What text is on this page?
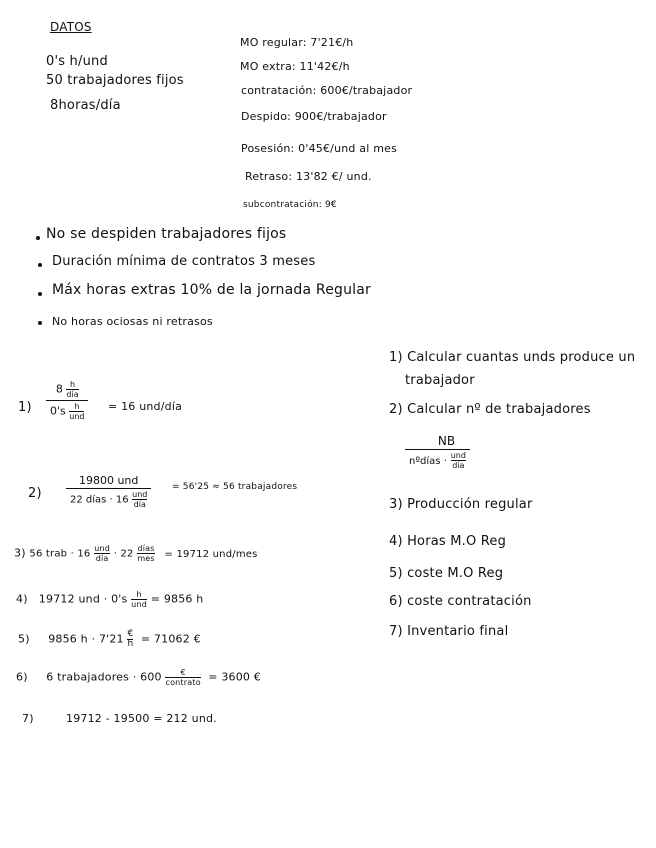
DATOS
0's h/und
50 trabajadores fijos
8horas/día
MO regular: 7'21€/h
MO extra: 11'42€/h
contratación: 600€/trabajador
Despido: 900€/trabajador
Posesión: 0'45€/und al mes
Retraso: 13'82 €/ und.
subcontratación: 9€
No se despiden trabajadores fijos
Duración mínima de contratos 3 meses
Máx horas extras 10% de la jornada Regular
No horas ociosas ni retrasos
1) Calcular cuantas unds produce un
trabajador
2) Calcular nº de trabajadores
NB
nºdías · $\frac{\text{und}}{\text{día}}$
3) Producción regular
4) Horas M.O Reg
5) coste M.O Reg
6) coste contratación
7) Inventario final
1)
$8 \frac{h}{\text{día}}$
$0's \frac{h}{\text{und}} = 16$ und/día
2)
19800 und
22 días · $16 \frac{\text{und}}{\text{día}}$
= 56'25 ≈ 56 trabajadores
3) 56 trab · $16 \frac{\text{und}}{\text{día}} \cdot 22 \frac{\text{días}}{\text{mes}} = 19712$ und/mes
4) 19712 und · $0's \frac{h}{\text{und}} = 9856$ h
5) 9856 $h \cdot 7'21 \frac{€}{h} = 71062$ €
6) 6 trabajadores · $600 \frac{€}{\text{contrato}} = 3600$ €
7)	19712 - 19500 = 212 und.
